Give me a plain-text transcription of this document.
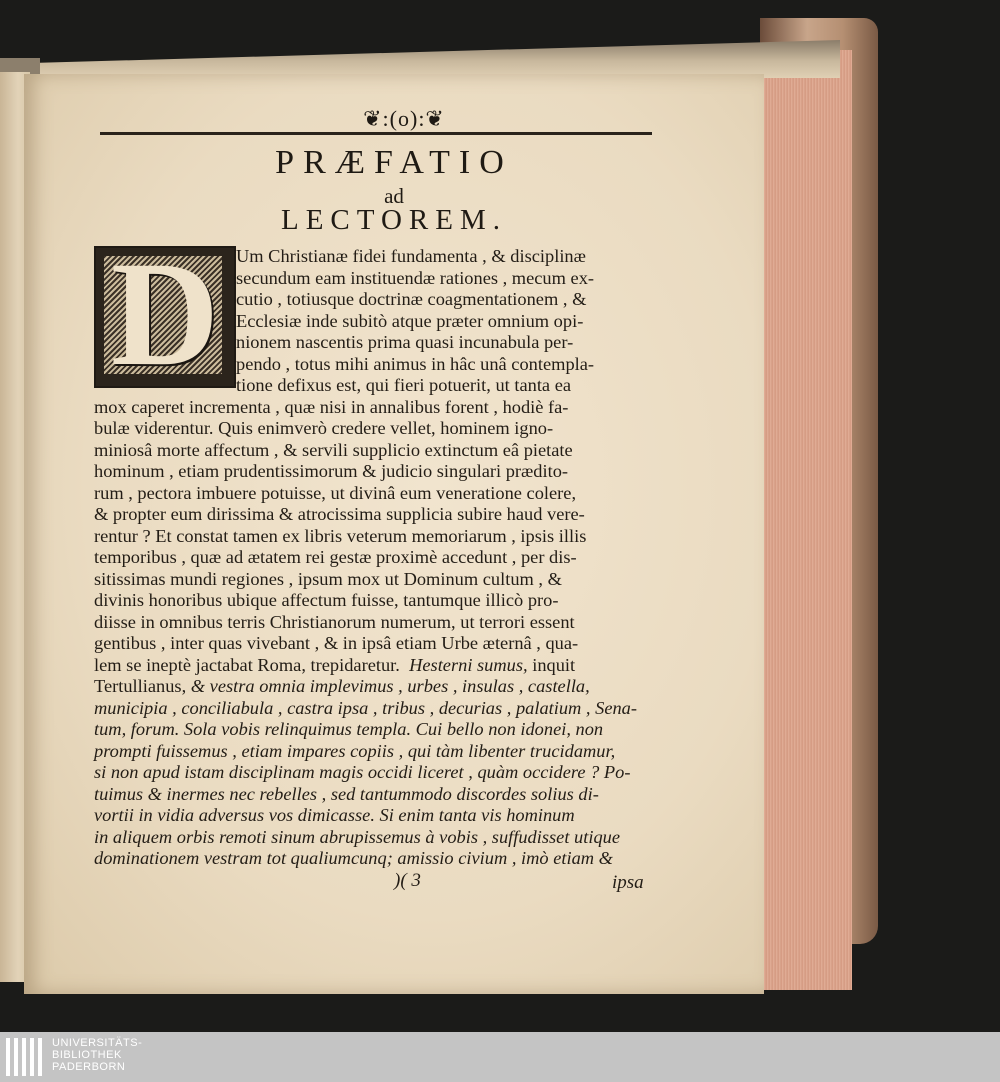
❦:(o):❦
PRÆFATIO
ad
LECTOREM.
D Um Christianæ fidei fundamenta , & disciplinæ
secundum eam instituendæ rationes , mecum ex-
cutio , totiusque doctrinæ coagmentationem , &
Ecclesiæ inde subitò atque præter omnium opi-
nionem nascentis prima quasi incunabula per-
pendo , totus mihi animus in hâc unâ contempla-
tione defixus est, qui fieri potuerit, ut tanta ea
mox caperet incrementa , quæ nisi in annalibus forent , hodiè fa-
bulæ viderentur. Quis enimverò credere vellet, hominem igno-
miniosâ morte affectum , & servili supplicio extinctum eâ pietate
hominum , etiam prudentissimorum & judicio singulari prædito-
rum , pectora imbuere potuisse, ut divinâ eum veneratione colere,
& propter eum dirissima & atrocissima supplicia subire haud vere-
rentur ? Et constat tamen ex libris veterum memoriarum , ipsis illis
temporibus , quæ ad ætatem rei gestæ proximè accedunt , per dis-
sitissimas mundi regiones , ipsum mox ut Dominum cultum , &
divinis honoribus ubique affectum fuisse, tantumque illicò pro-
diisse in omnibus terris Christianorum numerum, ut terrori essent
gentibus , inter quas vivebant , & in ipsâ etiam Urbe æternâ , qua-
lem se ineptè jactabat Roma, trepidaretur. Hesterni sumus, inquit
Tertullianus, & vestra omnia implevimus , urbes , insulas , castella,
municipia , conciliabula , castra ipsa , tribus , decurias , palatium , Sena-
tum, forum. Sola vobis relinquimus templa. Cui bello non idonei, non
prompti fuissemus , etiam impares copiis , qui tàm libenter trucidamur,
si non apud istam disciplinam magis occidi liceret , quàm occidere ? Po-
tuimus & inermes nec rebelles , sed tantummodo discordes solius di-
vortii in vidia adversus vos dimicasse. Si enim tanta vis hominum
in aliquem orbis remoti sinum abrupissemus à vobis , suffudisset utique
dominationem vestram tot qualiumcunq; amissio civium , imò etiam &
)( 3	ipsa
UNIVERSITÄTS-
BIBLIOTHEK
PADERBORN
